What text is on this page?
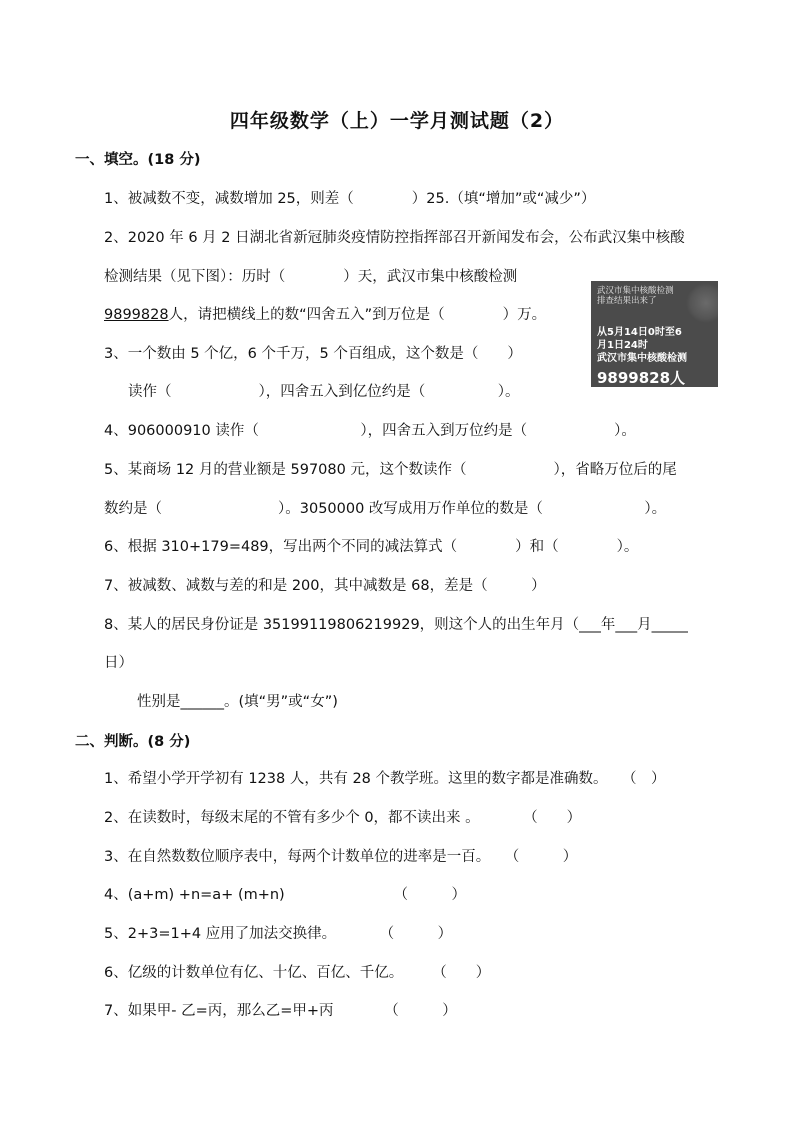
四年级数学（上）一学月测试题（2）
一、填空。(18 分)
1、被减数不变，减数增加 25，则差（　　　　）25.（填“增加”或“减少”）
2、2020 年 6 月 2 日湖北省新冠肺炎疫情防控指挥部召开新闻发布会，公布武汉集中核酸
检测结果（见下图）：历时（　　　　）天，武汉市集中核酸检测
9899828人，请把横线上的数“四舍五入”到万位是（　　　　）万。
3、一个数由 5 个亿，6 个千万，5 个百组成，这个数是（　　）
读作（　　　　　　），四舍五入到亿位约是（　　　　　）。
4、906000910 读作（　　　　　　　），四舍五入到万位约是（　　　　　　）。
5、某商场 12 月的营业额是 597080 元，这个数读作（　　　　　　），省略万位后的尾
数约是（　　　　　　　　）。3050000 改写成用万作单位的数是（　　　　　　　）。
6、根据 310+179=489，写出两个不同的减法算式（　　　　）和（　　　　）。
7、被减数、减数与差的和是 200，其中减数是 68，差是（　　　）
8、某人的居民身份证是 35199119806219929，则这个人的出生年月（___年___月_____
日）
性别是______。(填“男”或“女”)
武汉市集中核酸检测
排查结果出来了
从5月14日0时至6
月1日24时
武汉市集中核酸检测
9899828人
二、判断。(8 分)
1、希望小学开学初有 1238 人，共有 28 个教学班。这里的数字都是准确数。　　（　）
2、在读数时，每级末尾的不管有多少个 0，都不读出来 。　　　　（　　）
3、在自然数数位顺序表中，每两个计数单位的进率是一百。　　（　　　）
4、(a+m) +n=a+ (m+n)　　　　　　　　（　　　）
5、2+3=1+4 应用了加法交换律。　　　　（　　　）
6、亿级的计数单位有亿、十亿、百亿、千亿。　　　（　　）
7、如果甲- 乙=丙，那么乙=甲+丙　　　　（　　　）
